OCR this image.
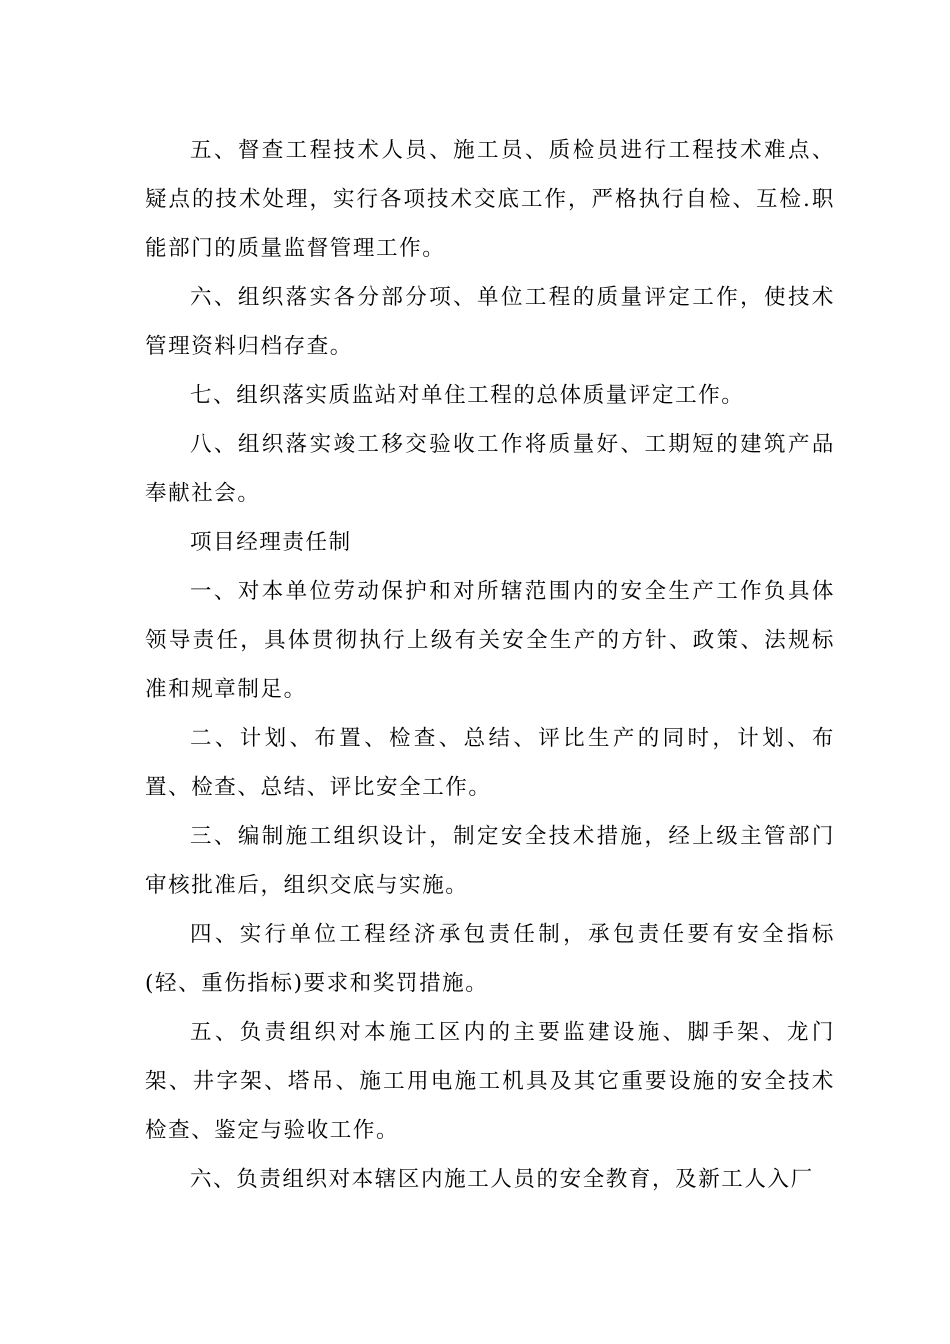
五、督查工程技术人员、施工员、质检员进行工程技术难点、疑点的技术处理，实行各项技术交底工作，严格执行自检、互检.职能部门的质量监督管理工作。

六、组织落实各分部分项、单位工程的质量评定工作，使技术管理资料归档存查。

七、组织落实质监站对单住工程的总体质量评定工作。

八、组织落实竣工移交验收工作将质量好、工期短的建筑产品奉献社会。

项目经理责任制

一、对本单位劳动保护和对所辖范围内的安全生产工作负具体领导责任，具体贯彻执行上级有关安全生产的方针、政策、法规标准和规章制足。

二、计划、布置、检查、总结、评比生产的同时，计划、布置、检查、总结、评比安全工作。

三、编制施工组织设计，制定安全技术措施，经上级主管部门审核批准后，组织交底与实施。

四、实行单位工程经济承包责任制，承包责任要有安全指标(轻、重伤指标)要求和奖罚措施。

五、负责组织对本施工区内的主要监建设施、脚手架、龙门架、井字架、塔吊、施工用电施工机具及其它重要设施的安全技术检查、鉴定与验收工作。

六、负责组织对本辖区内施工人员的安全教育，及新工人入厂
